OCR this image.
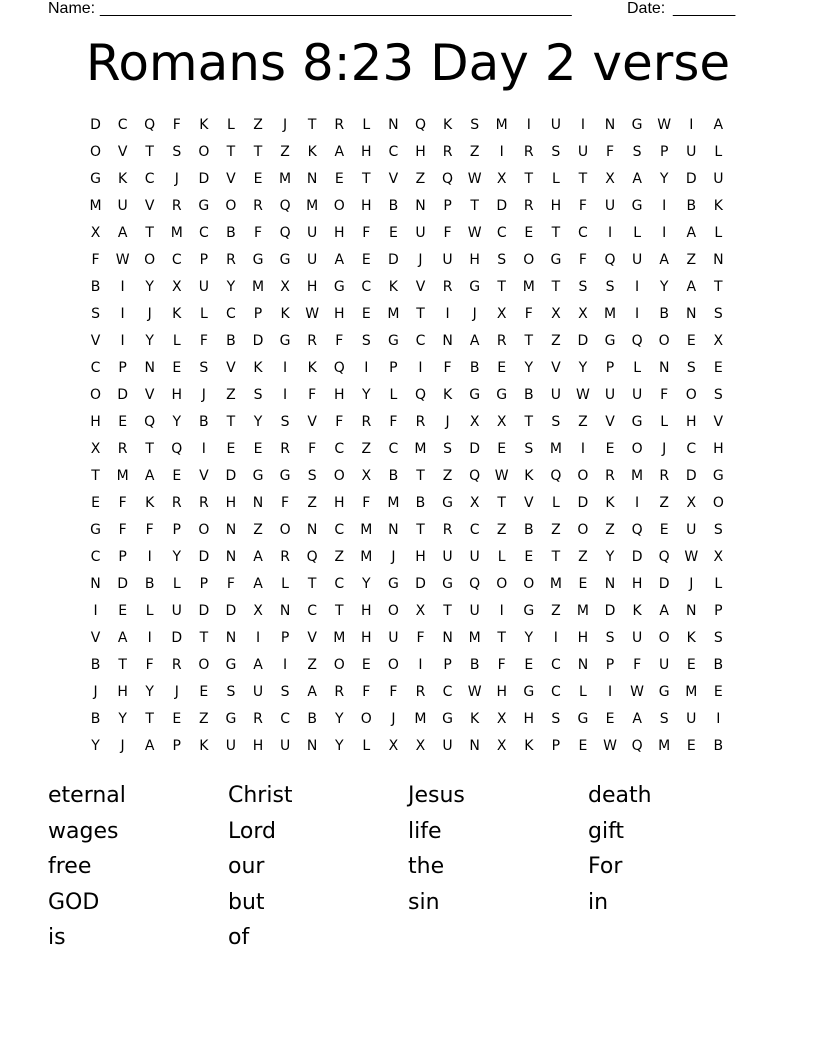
Name: _____________________________________________________	Date: _______
Romans 8:23 Day 2 verse
D	C	Q	F	K	L	Z	J	T	R	L	N	Q	K	S	M	I	U	I	N	G	W	I	A
O	V	T	S	O	T	T	Z	K	A	H	C	H	R	Z	I	R	S	U	F	S	P	U	L
G	K	C	J	D	V	E	M	N	E	T	V	Z	Q	W	X	T	L	T	X	A	Y	D	U
M	U	V	R	G	O	R	Q	M	O	H	B	N	P	T	D	R	H	F	U	G	I	B	K
X	A	T	M	C	B	F	Q	U	H	F	E	U	F	W	C	E	T	C	I	L	I	A	L
F	W	O	C	P	R	G	G	U	A	E	D	J	U	H	S	O	G	F	Q	U	A	Z	N
B	I	Y	X	U	Y	M	X	H	G	C	K	V	R	G	T	M	T	S	S	I	Y	A	T
S	I	J	K	L	C	P	K	W	H	E	M	T	I	J	X	F	X	X	M	I	B	N	S
V	I	Y	L	F	B	D	G	R	F	S	G	C	N	A	R	T	Z	D	G	Q	O	E	X
C	P	N	E	S	V	K	I	K	Q	I	P	I	F	B	E	Y	V	Y	P	L	N	S	E
O	D	V	H	J	Z	S	I	F	H	Y	L	Q	K	G	G	B	U	W	U	U	F	O	S
H	E	Q	Y	B	T	Y	S	V	F	R	F	R	J	X	X	T	S	Z	V	G	L	H	V
X	R	T	Q	I	E	E	R	F	C	Z	C	M	S	D	E	S	M	I	E	O	J	C	H
T	M	A	E	V	D	G	G	S	O	X	B	T	Z	Q	W	K	Q	O	R	M	R	D	G
E	F	K	R	R	H	N	F	Z	H	F	M	B	G	X	T	V	L	D	K	I	Z	X	O
G	F	F	P	O	N	Z	O	N	C	M	N	T	R	C	Z	B	Z	O	Z	Q	E	U	S
C	P	I	Y	D	N	A	R	Q	Z	M	J	H	U	U	L	E	T	Z	Y	D	Q	W	X
N	D	B	L	P	F	A	L	T	C	Y	G	D	G	Q	O	O	M	E	N	H	D	J	L
I	E	L	U	D	D	X	N	C	T	H	O	X	T	U	I	G	Z	M	D	K	A	N	P
V	A	I	D	T	N	I	P	V	M	H	U	F	N	M	T	Y	I	H	S	U	O	K	S
B	T	F	R	O	G	A	I	Z	O	E	O	I	P	B	F	E	C	N	P	F	U	E	B
J	H	Y	J	E	S	U	S	A	R	F	F	R	C	W	H	G	C	L	I	W	G	M	E
B	Y	T	E	Z	G	R	C	B	Y	O	J	M	G	K	X	H	S	G	E	A	S	U	I
Y	J	A	P	K	U	H	U	N	Y	L	X	X	U	N	X	K	P	E	W	Q	M	E	B
eternal	Christ	Jesus	death
wages	Lord	life	gift
free	our	the	For
GOD	but	sin	in
is	of
